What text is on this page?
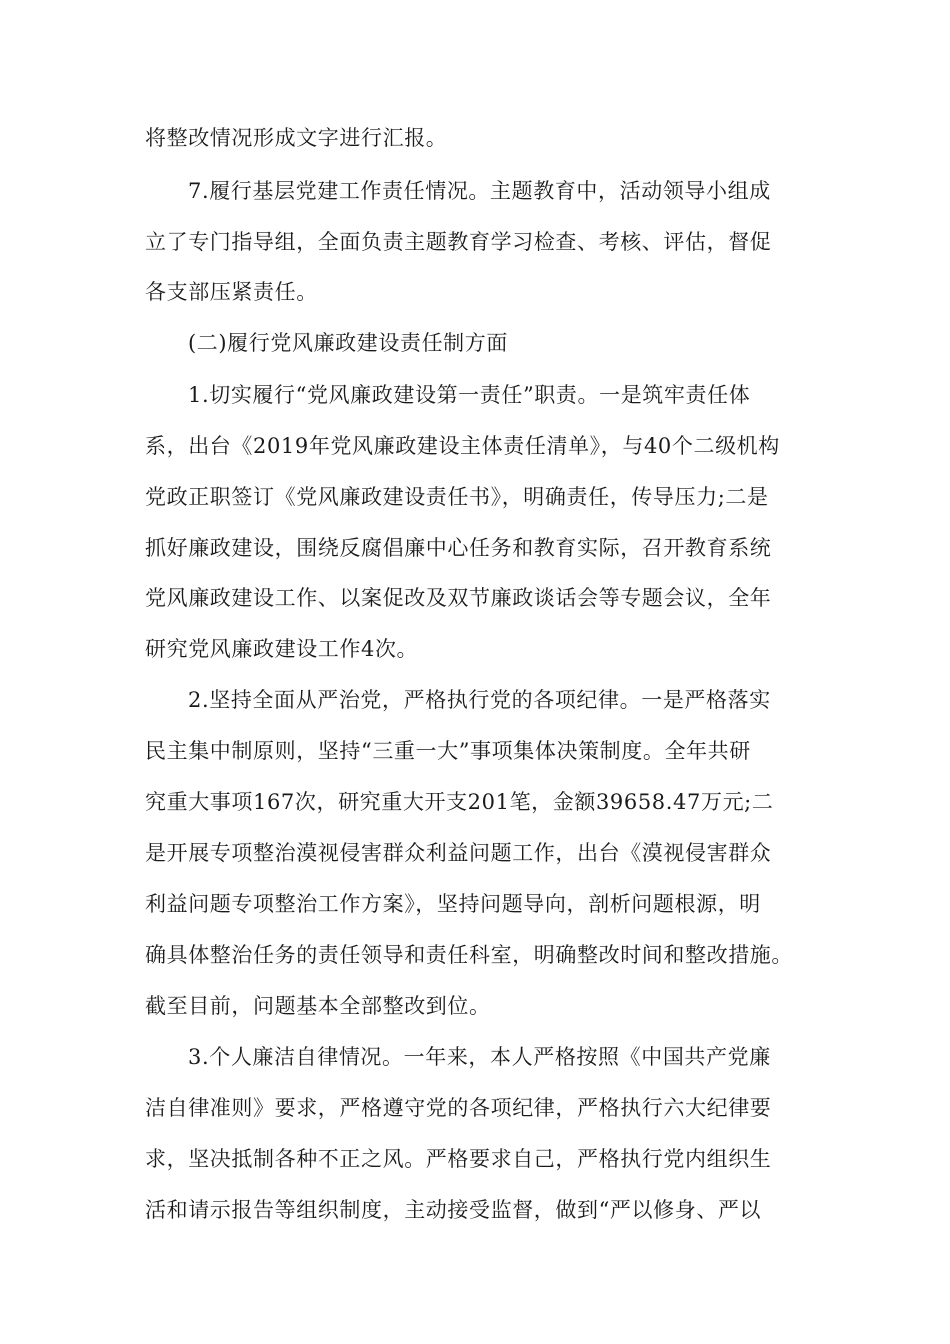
将整改情况形成文字进行汇报。
7.履行基层党建工作责任情况。主题教育中，活动领导小组成
立了专门指导组，全面负责主题教育学习检查、考核、评估，督促
各支部压紧责任。
(二)履行党风廉政建设责任制方面
1.切实履行“党风廉政建设第一责任”职责。一是筑牢责任体
系，出台《2019年党风廉政建设主体责任清单》，与40个二级机构
党政正职签订《党风廉政建设责任书》，明确责任，传导压力;二是
抓好廉政建设，围绕反腐倡廉中心任务和教育实际，召开教育系统
党风廉政建设工作、以案促改及双节廉政谈话会等专题会议，全年
研究党风廉政建设工作4次。
2.坚持全面从严治党，严格执行党的各项纪律。一是严格落实
民主集中制原则，坚持“三重一大”事项集体决策制度。全年共研
究重大事项167次，研究重大开支201笔，金额39658.47万元;二
是开展专项整治漠视侵害群众利益问题工作，出台《漠视侵害群众
利益问题专项整治工作方案》，坚持问题导向，剖析问题根源，明
确具体整治任务的责任领导和责任科室，明确整改时间和整改措施。
截至目前，问题基本全部整改到位。
3.个人廉洁自律情况。一年来，本人严格按照《中国共产党廉
洁自律准则》要求，严格遵守党的各项纪律，严格执行六大纪律要
求，坚决抵制各种不正之风。严格要求自己，严格执行党内组织生
活和请示报告等组织制度，主动接受监督，做到“严以修身、严以
